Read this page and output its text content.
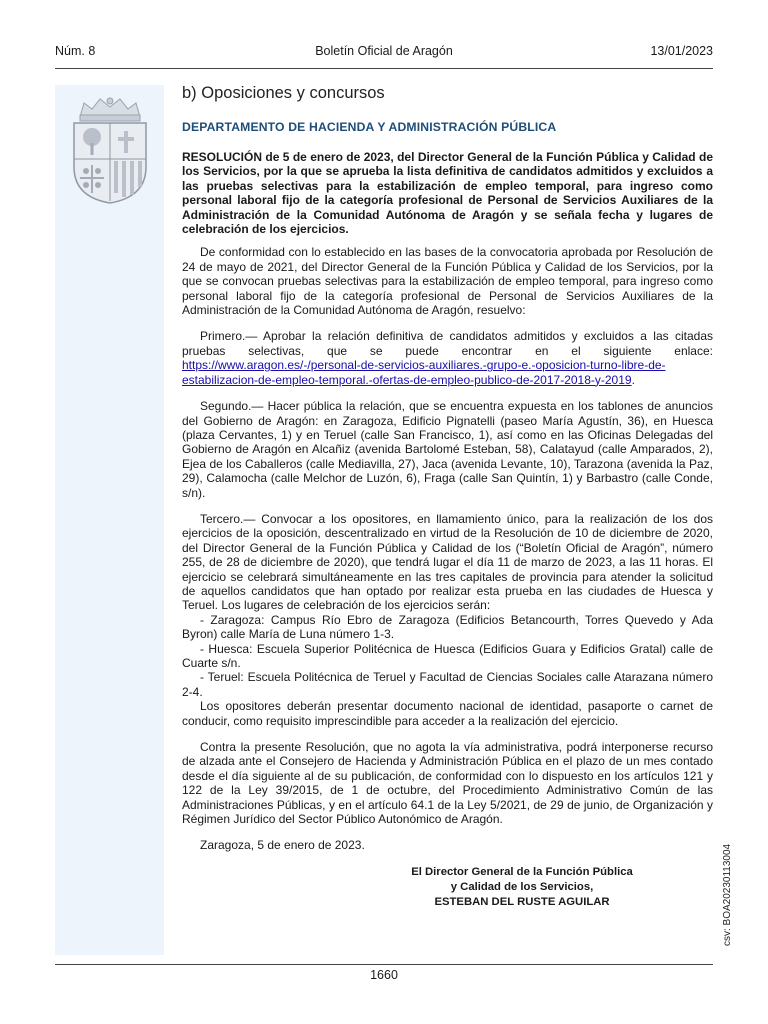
Núm. 8	Boletín Oficial de Aragón	13/01/2023
b) Oposiciones y concursos
DEPARTAMENTO DE HACIENDA Y ADMINISTRACIÓN PÚBLICA

RESOLUCIÓN de 5 de enero de 2023, del Director General de la Función Pública y Calidad de los Servicios, por la que se aprueba la lista definitiva de candidatos admitidos y excluidos a las pruebas selectivas para la estabilización de empleo temporal, para ingreso como personal laboral fijo de la categoría profesional de Personal de Servicios Auxiliares de la Administración de la Comunidad Autónoma de Aragón y se señala fecha y lugares de celebración de los ejercicios.

De conformidad con lo establecido en las bases de la convocatoria aprobada por Resolución de 24 de mayo de 2021, del Director General de la Función Pública y Calidad de los Servicios, por la que se convocan pruebas selectivas para la estabilización de empleo temporal, para ingreso como personal laboral fijo de la categoría profesional de Personal de Servicios Auxiliares de la Administración de la Comunidad Autónoma de Aragón, resuelvo:

Primero.— Aprobar la relación definitiva de candidatos admitidos y excluidos a las citadas pruebas selectivas, que se puede encontrar en el siguiente enlace: https://www.aragon.es/-/personal-de-servicios-auxiliares.-grupo-e.-oposicion-turno-libre-de-estabilizacion-de-empleo-temporal.-ofertas-de-empleo-publico-de-2017-2018-y-2019.

Segundo.— Hacer pública la relación, que se encuentra expuesta en los tablones de anuncios del Gobierno de Aragón: en Zaragoza, Edificio Pignatelli (paseo María Agustín, 36), en Huesca (plaza Cervantes, 1) y en Teruel (calle San Francisco, 1), así como en las Oficinas Delegadas del Gobierno de Aragón en Alcañiz (avenida Bartolomé Esteban, 58), Calatayud (calle Amparados, 2), Ejea de los Caballeros (calle Mediavilla, 27), Jaca (avenida Levante, 10), Tarazona (avenida la Paz, 29), Calamocha (calle Melchor de Luzón, 6), Fraga (calle San Quintín, 1) y Barbastro (calle Conde, s/n).

Tercero.— Convocar a los opositores, en llamamiento único, para la realización de los dos ejercicios de la oposición, descentralizado en virtud de la Resolución de 10 de diciembre de 2020, del Director General de la Función Pública y Calidad de los (“Boletín Oficial de Aragón”, número 255, de 28 de diciembre de 2020), que tendrá lugar el día 11 de marzo de 2023, a las 11 horas. El ejercicio se celebrará simultáneamente en las tres capitales de provincia para atender la solicitud de aquellos candidatos que han optado por realizar esta prueba en las ciudades de Huesca y Teruel. Los lugares de celebración de los ejercicios serán:

- Zaragoza: Campus Río Ebro de Zaragoza (Edificios Betancourth, Torres Quevedo y Ada Byron) calle María de Luna número 1-3.

- Huesca: Escuela Superior Politécnica de Huesca (Edificios Guara y Edificios Gratal) calle de Cuarte s/n.

- Teruel: Escuela Politécnica de Teruel y Facultad de Ciencias Sociales calle Atarazana número 2-4.

Los opositores deberán presentar documento nacional de identidad, pasaporte o carnet de conducir, como requisito imprescindible para acceder a la realización del ejercicio.

Contra la presente Resolución, que no agota la vía administrativa, podrá interponerse recurso de alzada ante el Consejero de Hacienda y Administración Pública en el plazo de un mes contado desde el día siguiente al de su publicación, de conformidad con lo dispuesto en los artículos 121 y 122 de la Ley 39/2015, de 1 de octubre, del Procedimiento Administrativo Común de las Administraciones Públicas, y en el artículo 64.1 de la Ley 5/2021, de 29 de junio, de Organización y Régimen Jurídico del Sector Público Autonómico de Aragón.

Zaragoza, 5 de enero de 2023.

El Director General de la Función Pública
y Calidad de los Servicios,
ESTEBAN DEL RUSTE AGUILAR	csv: BOA20230113004
1660
